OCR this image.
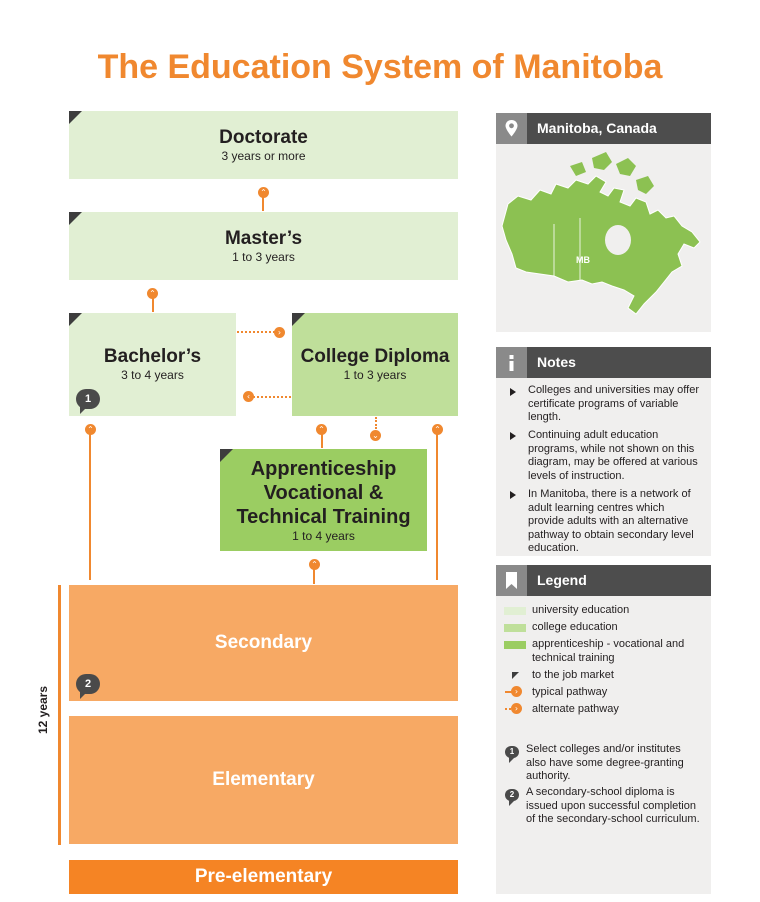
The Education System of Manitoba
Doctorate
3 years or more
⌃
Master’s
1 to 3 years
⌃
Bachelor’s
3 to 4 years
1
›
‹
College Diploma
1 to 3 years
⌃	⌃
⌄
⌃
Apprenticeship
Vocational &
Technical Training
1 to 4 years
⌃
Secondary
2
Elementary
12 years
Pre-elementary
Manitoba, Canada
MB
Notes
Colleges and universities may offer certificate programs of variable length.
Continuing adult education programs, while not shown on this diagram, may be offered at various levels of instruction.
In Manitoba, there is a network of adult learning centres which provide adults with an alternative pathway to obtain secondary level education.
Legend
university education
college education
apprenticeship - vocational and technical training
to the job market
›	typical pathway
›	alternate pathway
1	Select colleges and/or institutes also have some degree-granting authority.
2	A secondary-school diploma is issued upon successful completion of the secondary-school curriculum.
